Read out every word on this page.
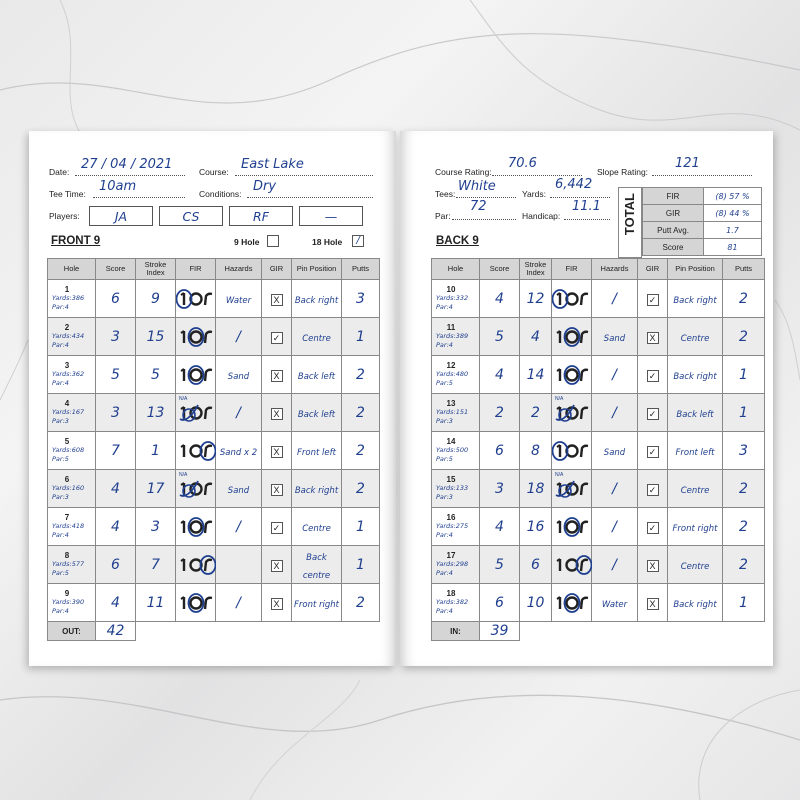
Date: 27 / 04 / 2021	Course: East Lake
Tee Time: 10am	Conditions: Dry
Players:	JA	CS	RF	—
FRONT 9	9 Hole	18 Hole	/
Hole	Score	Stroke Index	FIR	Hazards	GIR	Pin Position	Putts

1
Yards:386
Par:4	6	9		Water	X	Back right	3

2
Yards:434
Par:4	3	15		/	✓	Centre	1

3
Yards:362
Par:4	5	5		Sand	X	Back left	2

4
Yards:167
Par:3	3	13	N/A	/	X	Back left	2

5
Yards:608
Par:5	7	1		Sand x 2	X	Front left	2

6
Yards:160
Par:3	4	17	N/A	Sand	X	Back right	2

7
Yards:418
Par:4	4	3		/	✓	Centre	1

8
Yards:577
Par:5	6	7			X	Back centre	1

9
Yards:390
Par:4	4	11		/	X	Front right	2
OUT:	42						
Course Rating:
70.6
Slope Rating:
121
Tees: White	Yards:
6,442
Par:
72
Handicap:
11.1 TOTAL	FIR	(8) 57 %
GIR	(8) 44 %
Putt Avg.	1.7
Score	81
BACK 9
Hole	Score	Stroke Index	FIR	Hazards	GIR	Pin Position	Putts

10
Yards:332
Par:4	4	12		/	✓	Back right	2

11
Yards:389
Par:4	5	4		Sand	X	Centre	2

12
Yards:480
Par:5	4	14		/	✓	Back right	1

13
Yards:151
Par:3	2	2	N/A	/	✓	Back left	1

14
Yards:500
Par:5	6	8		Sand	✓	Front left	3

15
Yards:133
Par:3	3	18	N/A	/	✓	Centre	2

16
Yards:275
Par:4	4	16		/	✓	Front right	2

17
Yards:298
Par:4	5	6		/	X	Centre	2

18
Yards:382
Par:4	6	10		Water	X	Back right	1
IN:	39						
